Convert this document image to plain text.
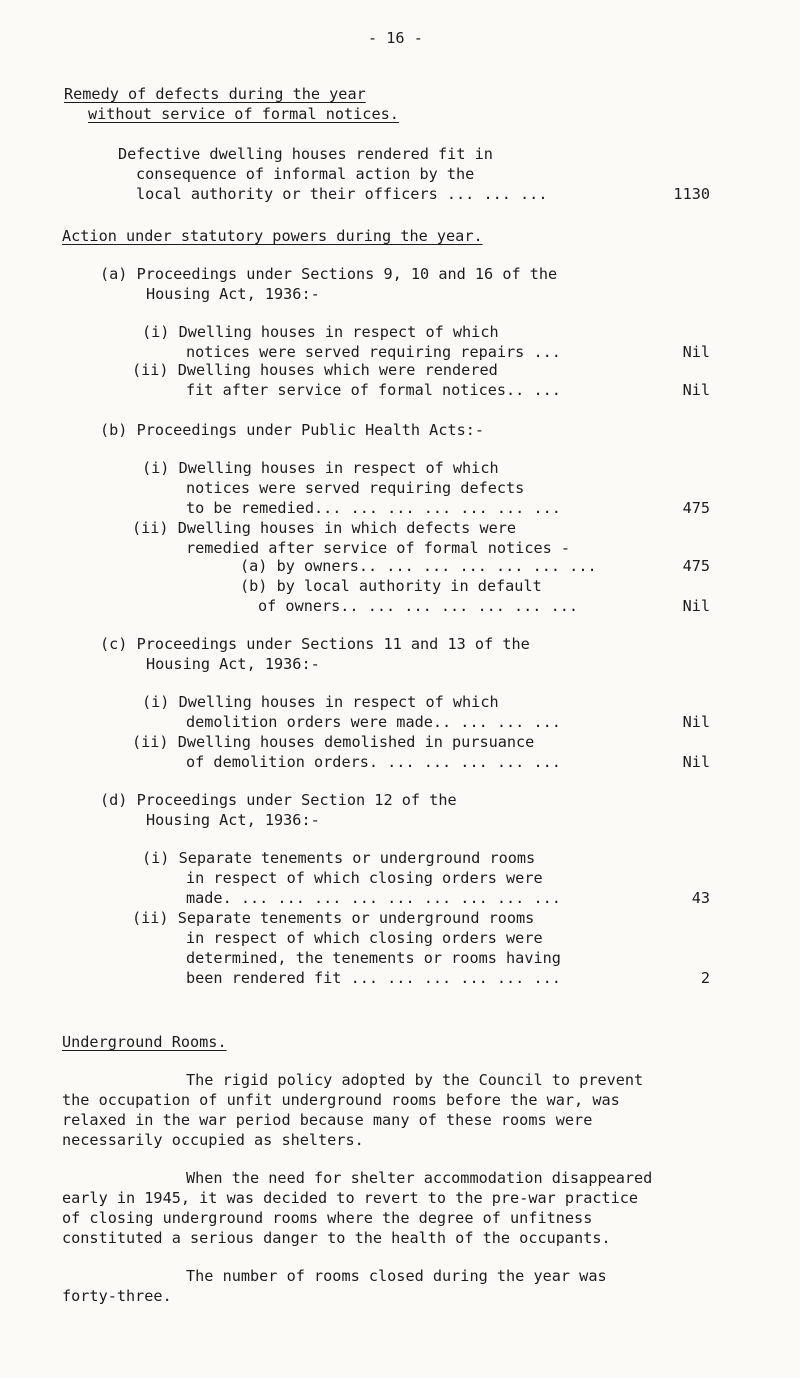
- 16 -
Remedy of defects during the year
without service of formal notices.
Defective dwelling houses rendered fit in
consequence of informal action by the
local authority or their officers ... ... ...	1130
Action under statutory powers during the year.
(a) Proceedings under Sections 9, 10 and 16 of the
Housing Act, 1936:-
(i) Dwelling houses in respect of which
notices were served requiring repairs ...	Nil
(ii) Dwelling houses which were rendered
fit after service of formal notices.. ...	Nil
(b) Proceedings under Public Health Acts:-
(i) Dwelling houses in respect of which
notices were served requiring defects
to be remedied... ... ... ... ... ... ...	475
(ii) Dwelling houses in which defects were
remedied after service of formal notices -
(a) by owners.. ... ... ... ... ... ...	475
(b) by local authority in default
of owners.. ... ... ... ... ... ...	Nil
(c) Proceedings under Sections 11 and 13 of the
Housing Act, 1936:-
(i) Dwelling houses in respect of which
demolition orders were made.. ... ... ...	Nil
(ii) Dwelling houses demolished in pursuance
of demolition orders. ... ... ... ... ...	Nil
(d) Proceedings under Section 12 of the
Housing Act, 1936:-
(i) Separate tenements or underground rooms
in respect of which closing orders were
made. ... ... ... ... ... ... ... ... ...	43
(ii) Separate tenements or underground rooms
in respect of which closing orders were
determined, the tenements or rooms having
been rendered fit ... ... ... ... ... ...	2
Underground Rooms.
The rigid policy adopted by the Council to prevent
the occupation of unfit underground rooms before the war, was
relaxed in the war period because many of these rooms were
necessarily occupied as shelters.
When the need for shelter accommodation disappeared
early in 1945, it was decided to revert to the pre-war practice
of closing underground rooms where the degree of unfitness
constituted a serious danger to the health of the occupants.
The number of rooms closed during the year was
forty-three.
